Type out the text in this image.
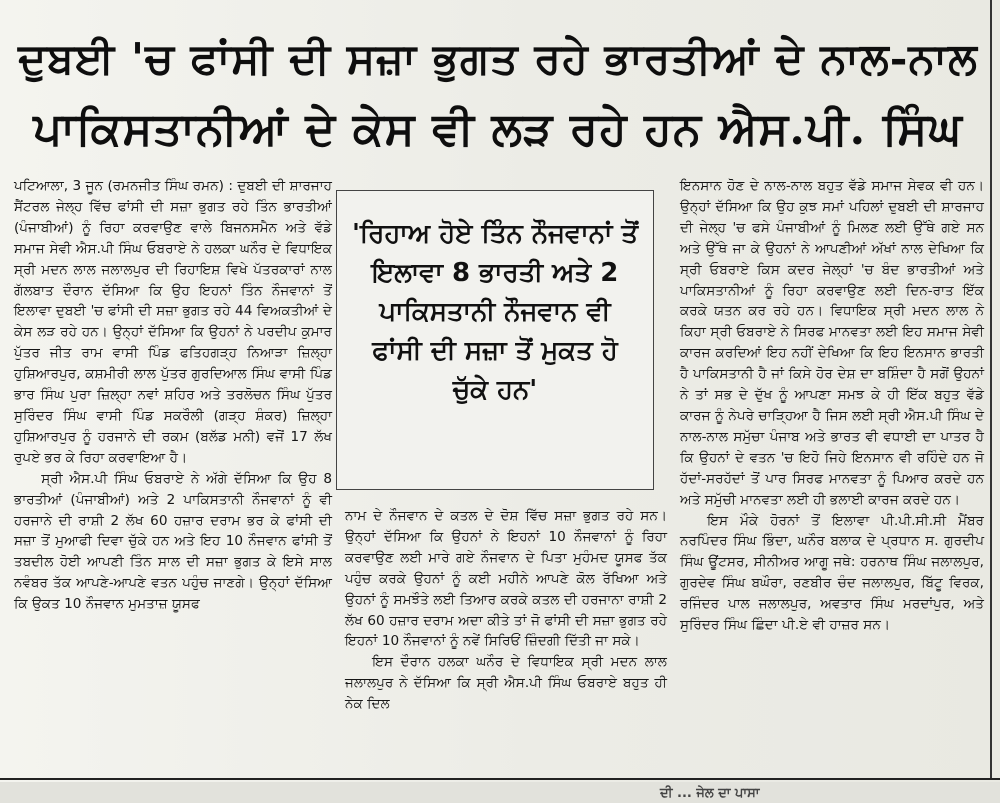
ਦੁਬਈ 'ਚ ਫਾਂਸੀ ਦੀ ਸਜ਼ਾ ਭੁਗਤ ਰਹੇ ਭਾਰਤੀਆਂ ਦੇ ਨਾਲ-ਨਾਲ
ਪਾਕਿਸਤਾਨੀਆਂ ਦੇ ਕੇਸ ਵੀ ਲੜ ਰਹੇ ਹਨ ਐਸ.ਪੀ. ਸਿੰਘ

ਪਟਿਆਲਾ, 3 ਜੂਨ (ਰਮਨਜੀਤ ਸਿੰਘ ਰਮਨ) : ਦੁਬਈ ਦੀ ਸ਼ਾਰਜਾਹ ਸੈਂਟਰਲ ਜੇਲ੍ਹ ਵਿੱਚ ਫਾਂਸੀ ਦੀ ਸਜ਼ਾ ਭੁਗਤ ਰਹੇ ਤਿੰਨ ਭਾਰਤੀਆਂ (ਪੰਜਾਬੀਆਂ) ਨੂੰ ਰਿਹਾ ਕਰਵਾਉਣ ਵਾਲੇ ਬਿਜਨਸਮੈਨ ਅਤੇ ਵੱਡੇ ਸਮਾਜ ਸੇਵੀ ਐਸ.ਪੀ ਸਿੰਘ ਓਬਰਾਏ ਨੇ ਹਲਕਾ ਘਨੌਰ ਦੇ ਵਿਧਾਇਕ ਸ੍ਰੀ ਮਦਨ ਲਾਲ ਜਲਾਲਪੁਰ ਦੀ ਰਿਹਾਇਸ਼ ਵਿਖੇ ਪੱਤਰਕਾਰਾਂ ਨਾਲ ਗੱਲਬਾਤ ਦੌਰਾਨ ਦੱਸਿਆ ਕਿ ਉਹ ਇਹਨਾਂ ਤਿੰਨ ਨੌਜਵਾਨਾਂ ਤੋਂ ਇਲਾਵਾ ਦੁਬਈ 'ਚ ਫਾਂਸੀ ਦੀ ਸਜ਼ਾ ਭੁਗਤ ਰਹੇ 44 ਵਿਅਕਤੀਆਂ ਦੇ ਕੇਸ ਲੜ ਰਹੇ ਹਨ। ਉਨ੍ਹਾਂ ਦੱਸਿਆ ਕਿ ਉਹਨਾਂ ਨੇ ਪਰਦੀਪ ਕੁਮਾਰ ਪੁੱਤਰ ਜੀਤ ਰਾਮ ਵਾਸੀ ਪਿੰਡ ਫਤਿਹਗੜ੍ਹ ਨਿਆੜਾ ਜ਼ਿਲ੍ਹਾ ਹੁਸ਼ਿਆਰਪੁਰ, ਕਸ਼ਮੀਰੀ ਲਾਲ ਪੁੱਤਰ ਗੁਰਦਿਆਲ ਸਿੰਘ ਵਾਸੀ ਪਿੰਡ ਭਾਰ ਸਿੰਘ ਪੁਰਾ ਜ਼ਿਲ੍ਹਾ ਨਵਾਂ ਸ਼ਹਿਰ ਅਤੇ ਤਰਲੋਚਨ ਸਿੰਘ ਪੁੱਤਰ ਸੁਰਿੰਦਰ ਸਿੰਘ ਵਾਸੀ ਪਿੰਡ ਸਕਰੌਲੀ (ਗੜ੍ਹ ਸ਼ੰਕਰ) ਜ਼ਿਲ੍ਹਾ ਹੁਸ਼ਿਆਰਪੁਰ ਨੂੰ ਹਰਜਾਨੇ ਦੀ ਰਕਮ (ਬਲੱਡ ਮਨੀ) ਵਜੋਂ 17 ਲੱਖ ਰੁਪਏ ਭਰ ਕੇ ਰਿਹਾ ਕਰਵਾਇਆ ਹੈ।

ਸ੍ਰੀ ਐਸ.ਪੀ ਸਿੰਘ ਓਬਰਾਏ ਨੇ ਅੱਗੇ ਦੱਸਿਆ ਕਿ ਉਹ 8 ਭਾਰਤੀਆਂ (ਪੰਜਾਬੀਆਂ) ਅਤੇ 2 ਪਾਕਿਸਤਾਨੀ ਨੌਜਵਾਨਾਂ ਨੂੰ ਵੀ ਹਰਜਾਨੇ ਦੀ ਰਾਸ਼ੀ 2 ਲੱਖ 60 ਹਜ਼ਾਰ ਦਰਾਮ ਭਰ ਕੇ ਫਾਂਸੀ ਦੀ ਸਜ਼ਾ ਤੋਂ ਮੁਆਫੀ ਦਿਵਾ ਚੁੱਕੇ ਹਨ ਅਤੇ ਇਹ 10 ਨੌਜਵਾਨ ਫਾਂਸੀ ਤੋਂ ਤਬਦੀਲ ਹੋਈ ਆਪਣੀ ਤਿੰਨ ਸਾਲ ਦੀ ਸਜ਼ਾ ਭੁਗਤ ਕੇ ਇਸੇ ਸਾਲ ਨਵੰਬਰ ਤੱਕ ਆਪਣੇ-ਆਪਣੇ ਵਤਨ ਪਹੁੰਚ ਜਾਣਗੇ। ਉਨ੍ਹਾਂ ਦੱਸਿਆ ਕਿ ਉਕਤ 10 ਨੌਜਵਾਨ ਮੁਮਤਾਜ਼ ਯੂਸਫ

'ਰਿਹਾਅ ਹੋਏ ਤਿੰਨ ਨੌਜਵਾਨਾਂ ਤੋਂ ਇਲਾਵਾ 8 ਭਾਰਤੀ ਅਤੇ 2 ਪਾਕਿਸਤਾਨੀ ਨੌਜਵਾਨ ਵੀ ਫਾਂਸੀ ਦੀ ਸਜ਼ਾ ਤੋਂ ਮੁਕਤ ਹੋ ਚੁੱਕੇ ਹਨ'

ਨਾਮ ਦੇ ਨੌਜਵਾਨ ਦੇ ਕਤਲ ਦੇ ਦੋਸ਼ ਵਿੱਚ ਸਜ਼ਾ ਭੁਗਤ ਰਹੇ ਸਨ। ਉਨ੍ਹਾਂ ਦੱਸਿਆ ਕਿ ਉਹਨਾਂ ਨੇ ਇਹਨਾਂ 10 ਨੌਜਵਾਨਾਂ ਨੂੰ ਰਿਹਾ ਕਰਵਾਉਣ ਲਈ ਮਾਰੇ ਗਏ ਨੌਜਵਾਨ ਦੇ ਪਿਤਾ ਮੁਹੰਮਦ ਯੂਸਫ ਤੱਕ ਪਹੁੰਚ ਕਰਕੇ ਉਹਨਾਂ ਨੂੰ ਕਈ ਮਹੀਨੇ ਆਪਣੇ ਕੋਲ ਰੱਖਿਆ ਅਤੇ ਉਹਨਾਂ ਨੂੰ ਸਮਝੌਤੇ ਲਈ ਤਿਆਰ ਕਰਕੇ ਕਤਲ ਦੀ ਹਰਜਾਨਾ ਰਾਸ਼ੀ 2 ਲੱਖ 60 ਹਜ਼ਾਰ ਦਰਾਮ ਅਦਾ ਕੀਤੇ ਤਾਂ ਜੋ ਫਾਂਸੀ ਦੀ ਸਜ਼ਾ ਭੁਗਤ ਰਹੇ ਇਹਨਾਂ 10 ਨੌਜਵਾਨਾਂ ਨੂੰ ਨਵੇਂ ਸਿਰਿਓਂ ਜ਼ਿੰਦਗੀ ਦਿੱਤੀ ਜਾ ਸਕੇ।

ਇਸ ਦੌਰਾਨ ਹਲਕਾ ਘਨੌਰ ਦੇ ਵਿਧਾਇਕ ਸ੍ਰੀ ਮਦਨ ਲਾਲ ਜਲਾਲਪੁਰ ਨੇ ਦੱਸਿਆ ਕਿ ਸ੍ਰੀ ਐਸ.ਪੀ ਸਿੰਘ ਓਬਰਾਏ ਬਹੁਤ ਹੀ ਨੇਕ ਦਿਲ

ਇਨਸਾਨ ਹੋਣ ਦੇ ਨਾਲ-ਨਾਲ ਬਹੁਤ ਵੱਡੇ ਸਮਾਜ ਸੇਵਕ ਵੀ ਹਨ। ਉਨ੍ਹਾਂ ਦੱਸਿਆ ਕਿ ਉਹ ਕੁਝ ਸਮਾਂ ਪਹਿਲਾਂ ਦੁਬਈ ਦੀ ਸ਼ਾਰਜਾਹ ਦੀ ਜੇਲ੍ਹ 'ਚ ਫਸੇ ਪੰਜਾਬੀਆਂ ਨੂੰ ਮਿਲਣ ਲਈ ਉੱਥੇ ਗਏ ਸਨ ਅਤੇ ਉੱਥੇ ਜਾ ਕੇ ਉਹਨਾਂ ਨੇ ਆਪਣੀਆਂ ਅੱਖਾਂ ਨਾਲ ਦੇਖਿਆ ਕਿ ਸ੍ਰੀ ਓਬਰਾਏ ਕਿਸ ਕਦਰ ਜੇਲ੍ਹਾਂ 'ਚ ਬੰਦ ਭਾਰਤੀਆਂ ਅਤੇ ਪਾਕਿਸਤਾਨੀਆਂ ਨੂੰ ਰਿਹਾ ਕਰਵਾਉਣ ਲਈ ਦਿਨ-ਰਾਤ ਇੱਕ ਕਰਕੇ ਯਤਨ ਕਰ ਰਹੇ ਹਨ। ਵਿਧਾਇਕ ਸ੍ਰੀ ਮਦਨ ਲਾਲ ਨੇ ਕਿਹਾ ਸ੍ਰੀ ਓਬਰਾਏ ਨੇ ਸਿਰਫ ਮਾਨਵਤਾ ਲਈ ਇਹ ਸਮਾਜ ਸੇਵੀ ਕਾਰਜ ਕਰਦਿਆਂ ਇਹ ਨਹੀਂ ਦੇਖਿਆ ਕਿ ਇਹ ਇਨਸਾਨ ਭਾਰਤੀ ਹੈ ਪਾਕਿਸਤਾਨੀ ਹੈ ਜਾਂ ਕਿਸੇ ਹੋਰ ਦੇਸ਼ ਦਾ ਬਸ਼ਿੰਦਾ ਹੈ ਸਗੋਂ ਉਹਨਾਂ ਨੇ ਤਾਂ ਸਭ ਦੇ ਦੁੱਖ ਨੂੰ ਆਪਣਾ ਸਮਝ ਕੇ ਹੀ ਇੱਕ ਬਹੁਤ ਵੱਡੇ ਕਾਰਜ ਨੂੰ ਨੇਪਰੇ ਚਾੜ੍ਹਿਆ ਹੈ ਜਿਸ ਲਈ ਸ੍ਰੀ ਐਸ.ਪੀ ਸਿੰਘ ਦੇ ਨਾਲ-ਨਾਲ ਸਮੁੱਚਾ ਪੰਜਾਬ ਅਤੇ ਭਾਰਤ ਵੀ ਵਧਾਈ ਦਾ ਪਾਤਰ ਹੈ ਕਿ ਉਹਨਾਂ ਦੇ ਵਤਨ 'ਚ ਇਹੋ ਜਿਹੇ ਇਨਸਾਨ ਵੀ ਰਹਿੰਦੇ ਹਨ ਜੋ ਹੱਦਾਂ-ਸਰਹੱਦਾਂ ਤੋਂ ਪਾਰ ਸਿਰਫ ਮਾਨਵਤਾ ਨੂੰ ਪਿਆਰ ਕਰਦੇ ਹਨ ਅਤੇ ਸਮੁੱਚੀ ਮਾਨਵਤਾ ਲਈ ਹੀ ਭਲਾਈ ਕਾਰਜ ਕਰਦੇ ਹਨ।

ਇਸ ਮੌਕੇ ਹੋਰਨਾਂ ਤੋਂ ਇਲਾਵਾ ਪੀ.ਪੀ.ਸੀ.ਸੀ ਮੈਂਬਰ ਨਰਪਿੰਦਰ ਸਿੰਘ ਭਿੰਦਾ, ਘਨੌਰ ਬਲਾਕ ਦੇ ਪ੍ਰਧਾਨ ਸ. ਗੁਰਦੀਪ ਸਿੰਘ ਊਂਟਸਰ, ਸੀਨੀਅਰ ਆਗੂ ਜਥੇ: ਹਰਨਾਥ ਸਿੰਘ ਜਲਾਲਪੁਰ, ਗੁਰਦੇਵ ਸਿੰਘ ਬਘੌਰਾ, ਰਣਬੀਰ ਚੰਦ ਜਲਾਲਪੁਰ, ਬਿੱਟੂ ਵਿਰਕ, ਰਜਿੰਦਰ ਪਾਲ ਜਲਾਲਪੁਰ, ਅਵਤਾਰ ਸਿੰਘ ਮਰਦਾਂਪੁਰ, ਅਤੇ ਸੁਰਿੰਦਰ ਸਿੰਘ ਛਿੰਦਾ ਪੀ.ਏ ਵੀ ਹਾਜ਼ਰ ਸਨ।

ਦੀ ... ਜੇਲ ਦਾ ਪਾਸਾ
